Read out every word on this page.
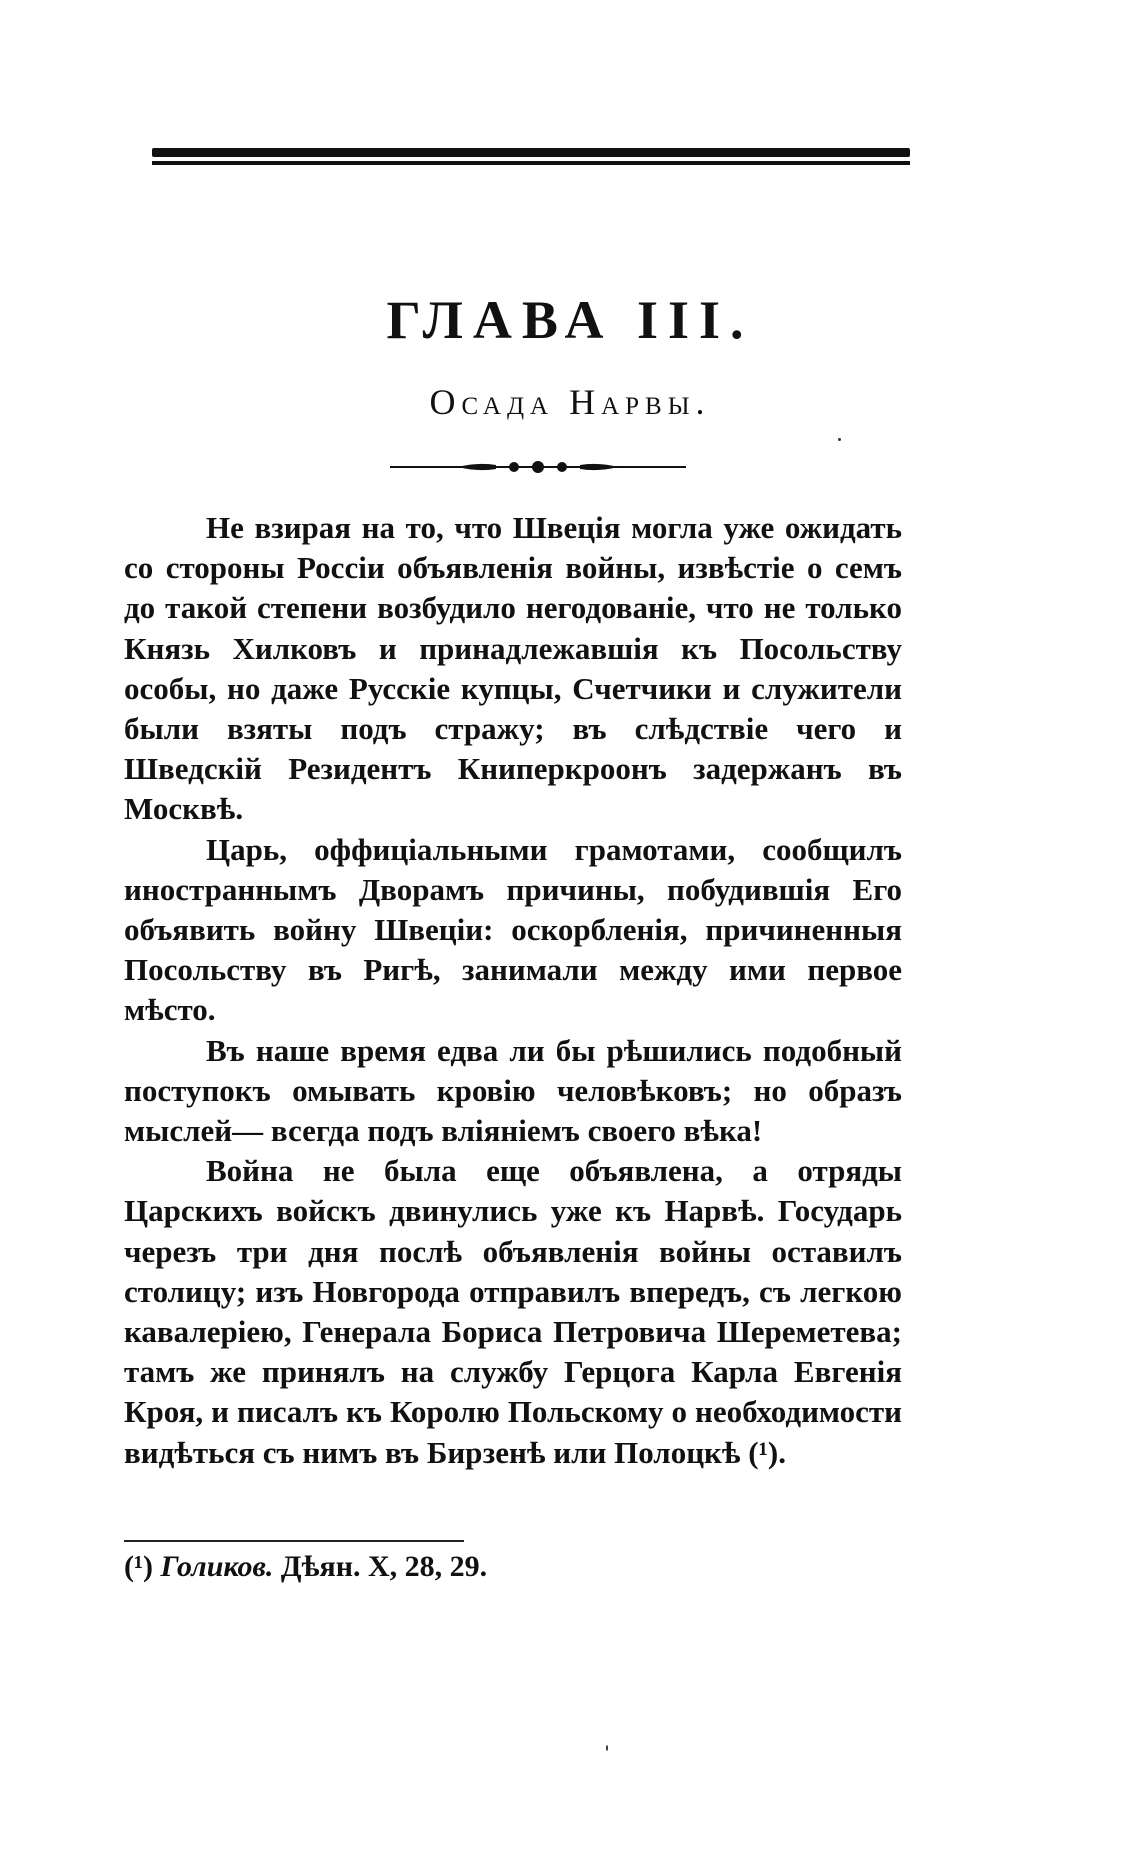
ГЛАВА III.
Осада Нарвы.

Не взирая на то, что Швеція могла уже ожидать со стороны Россіи объявленія войны, извѣстіе о семъ до такой степени возбудило негодованіе, что не только Князь Хилковъ и принадлежавшія къ Посольству особы, но даже Русскіе купцы, Счетчики и служители были взяты подъ стражу; въ слѣдствіе чего и Шведскій Резидентъ Книперкроонъ задержанъ въ Москвѣ.

Царь, оффиціальными грамотами, сообщилъ иностраннымъ Дворамъ причины, побудившія Его объявить войну Швеціи: оскорбленія, причиненныя Посольству въ Ригѣ, занимали между ими первое мѣсто.

Въ наше время едва ли бы рѣшились подобный поступокъ омывать кровію человѣковъ; но образъ мыслей— всегда подъ вліяніемъ своего вѣка!

Война не была еще объявлена, а отряды Царскихъ войскъ двинулись уже къ Нарвѣ. Государь черезъ три дня послѣ объявленія войны оставилъ столицу; изъ Новгорода отправилъ впередъ, съ легкою кавалеріею, Генерала Бориса Петровича Шереметева; тамъ же принялъ на службу Герцога Карла Евгенія Кроя, и писалъ къ Королю Польскому о необходимости видѣться съ нимъ въ Бирзенѣ или Полоцкѣ (¹).

(¹) Голиков. Дѣян. X, 28, 29.
